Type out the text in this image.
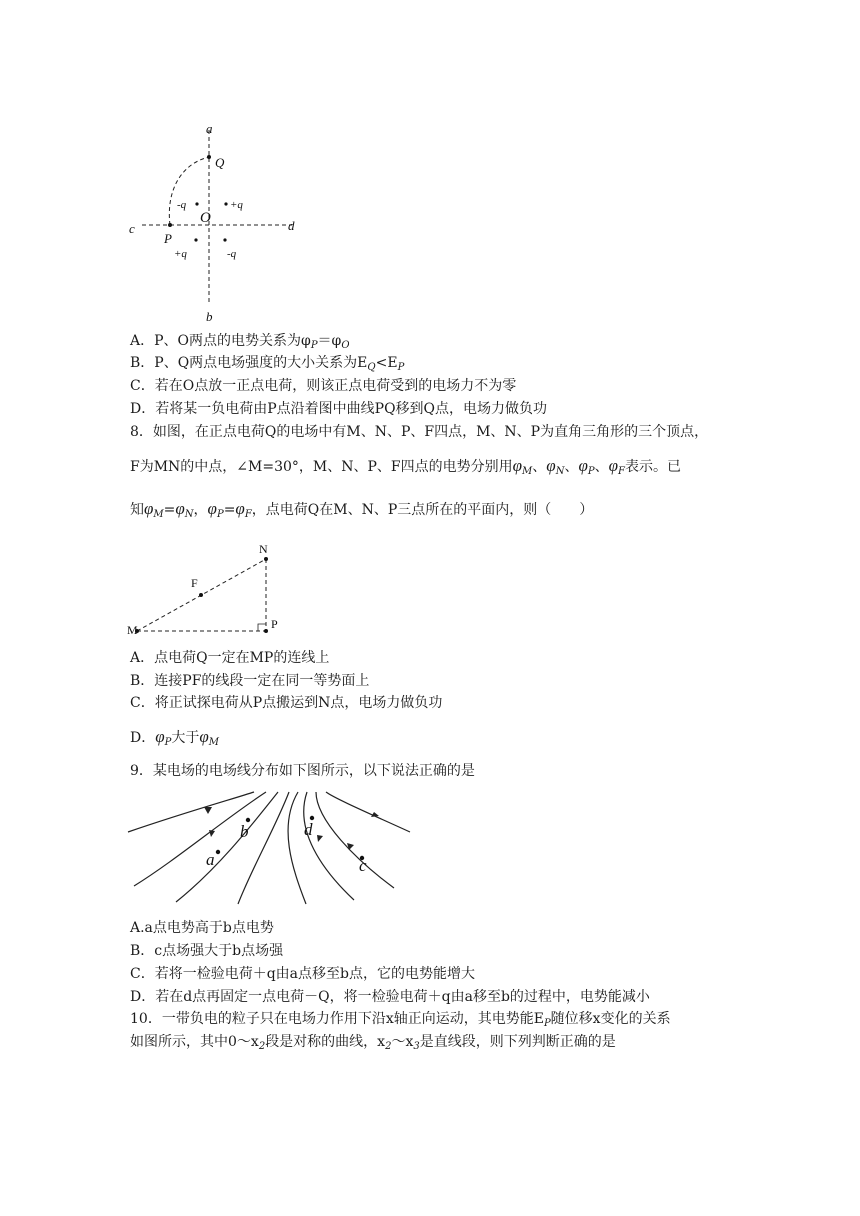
a
Q
-q	+q
O
c	d
P
+q	-q
b
A．P、O两点的电势关系为$\varphi_P=\varphi_O$
B．P、Q两点电场强度的大小关系为$E_Q<E_P$
C．若在O点放一正点电荷，则该正点电荷受到的电场力不为零
D．若将某一负电荷由P点沿着图中曲线PQ移到Q点，电场力做负功
8．如图，在正点电荷Q的电场中有M、N、P、F四点，M、N、P为直角三角形的三个顶点，
F为MN的中点，∠M=30°，M、N、P、F四点的电势分别用$\varphi_M$、$\varphi_N$、$\varphi_P$、$\varphi_F$表示。已
知$\varphi_M=\varphi_N$，$\varphi_P=\varphi_F$，点电荷Q在M、N、P三点所在的平面内，则（　　）
N
F
M	P
A．点电荷Q一定在MP的连线上
B．连接PF的线段一定在同一等势面上
C．将正试探电荷从P点搬运到N点，电场力做负功
D．$\varphi_P$大于$\varphi_M$
9．某电场的电场线分布如下图所示，以下说法正确的是
a
b
c
d
A.a点电势高于b点电势
B．c点场强大于b点场强
C．若将一检验电荷＋q由a点移至b点，它的电势能增大
D．若在d点再固定一点电荷－Q，将一检验电荷＋q由a移至b的过程中，电势能减小
10．一带负电的粒子只在电场力作用下沿x轴正向运动，其电势能$E_P$随位移x变化的关系
如图所示，其中$0\sim x_2$段是对称的曲线，$x_2\sim x_3$是直线段，则下列判断正确的是
